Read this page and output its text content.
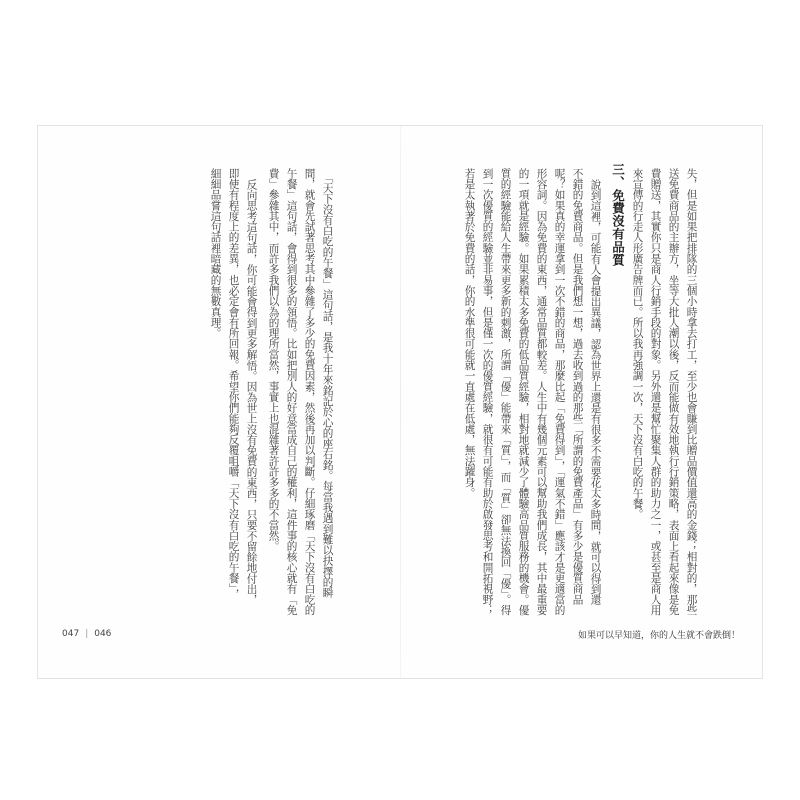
失，但是如果把排隊的三個小時拿去打工，至少也會賺到比贈品價值還高的金錢；相對的，那些
送免費商品的主辦方，坐等大批人潮以後，反而能做有效地執行行銷策略，表面上看起來像是免
費贈送，其實你只是商人行銷手段的對象。另外還是幫忙聚集人群的助力之一，或甚至是商人用
來宣傳的行走人形廣告牌而已。所以我再強調一次，天下沒有白吃的午餐。
三、免費沒有品質
說到這裡，可能有人會提出異議，認為世界上還是有很多不需要花太多時間，就可以得到還
不錯的免費商品。但是我們想一想，過去收到過的那些「所謂的免費產品」有多少是優質商品
呢？如果真的幸運拿到一次不錯的商品，那麼比起「免費得到」，「運氣不錯」應該才是更適當的
形容詞。因為免費的東西，通常品質都較差。人生中有幾個元素可以幫助我們成長，其中最重要
的一項就是經驗。如果累積太多免費的低品質經驗，相對地就減少了體驗高品質服務的機會。優
質的經驗能給人生帶來更多新的刺激，所謂「優」能帶來「質」，而「質」卻無法換回「優」。得
到一次優質的經驗並非易事，但是僅一次的優質經驗，就很有可能有助於啟發思考和開拓視野；
若是太執著於免費的話，你的水準很可能就一直處在低處，無法躍身。
「天下沒有白吃的午餐」這句話，是我十年來銘記於心的座右銘。每當我遇到難以抉擇的瞬
間，就會先試著思考其中參雜了多少的免費因素，然後再加以判斷。仔細琢磨「天下沒有白吃的
午餐」這句話，會得到很多的領悟。比如把別人的好意當成自己的權利，這件事的核心就有「免
費」參雜其中，而許多我們以為的理所當然，事實上也混雜著許許多多的不當然。
反向思考這句話，你可能會得到更多解悟。因為世上沒有免費的東西，只要不留餘地付出，
即使有程度上的差異，也必定會有所回報。希望你們能夠反覆咀嚼「天下沒有白吃的午餐」，
細細品嘗這句話裡暗藏的無數真理。
047 | 046	如果可以早知道，你的人生就不會跌倒！
